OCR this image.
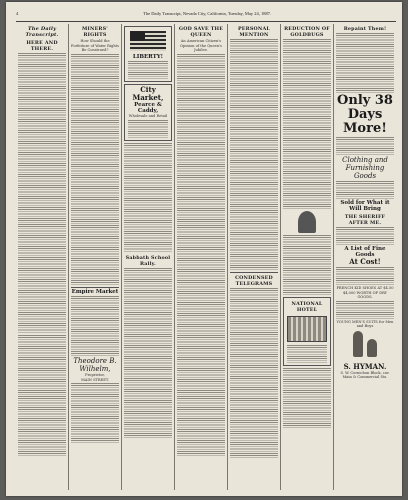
4	The Daily Transcript, Nevada City, California, Tuesday, May 24, 1887.
The Daily Transcript.
HERE AND THERE.
MINERS' RIGHTS
How Should the Forfeiture of Water Rights Be Construed?
Empire Market
Theodore B. Wilhelm,
Proprietor,
MAIN STREET.
LIBERTY!
City Market,
Pearce & Caddy,
Wholesale and Retail
Sabbath School Rally.
GOD SAVE THE QUEEN
An American Citizen's Opinion of the Queen's Jubilee.
PERSONAL MENTION
CONDENSED TELEGRAMS
REDUCTION OF GOLDBUGS
NATIONAL HOTEL
Repaint Them!
Only 38 Days More!
Clothing and Furnishing Goods
Sold for What it Will Bring
THE SHERIFF AFTER ME.
A List of Fine Goods
At Cost!
FRENCH KID SHOES AT $4.50
$4,000 WORTH OF DRY GOODS.
YOUNG MEN'S SUITS for Men and Boys
S. HYMAN.
S. W. Cornichon Block, cor. Main & Commercial Sts.
